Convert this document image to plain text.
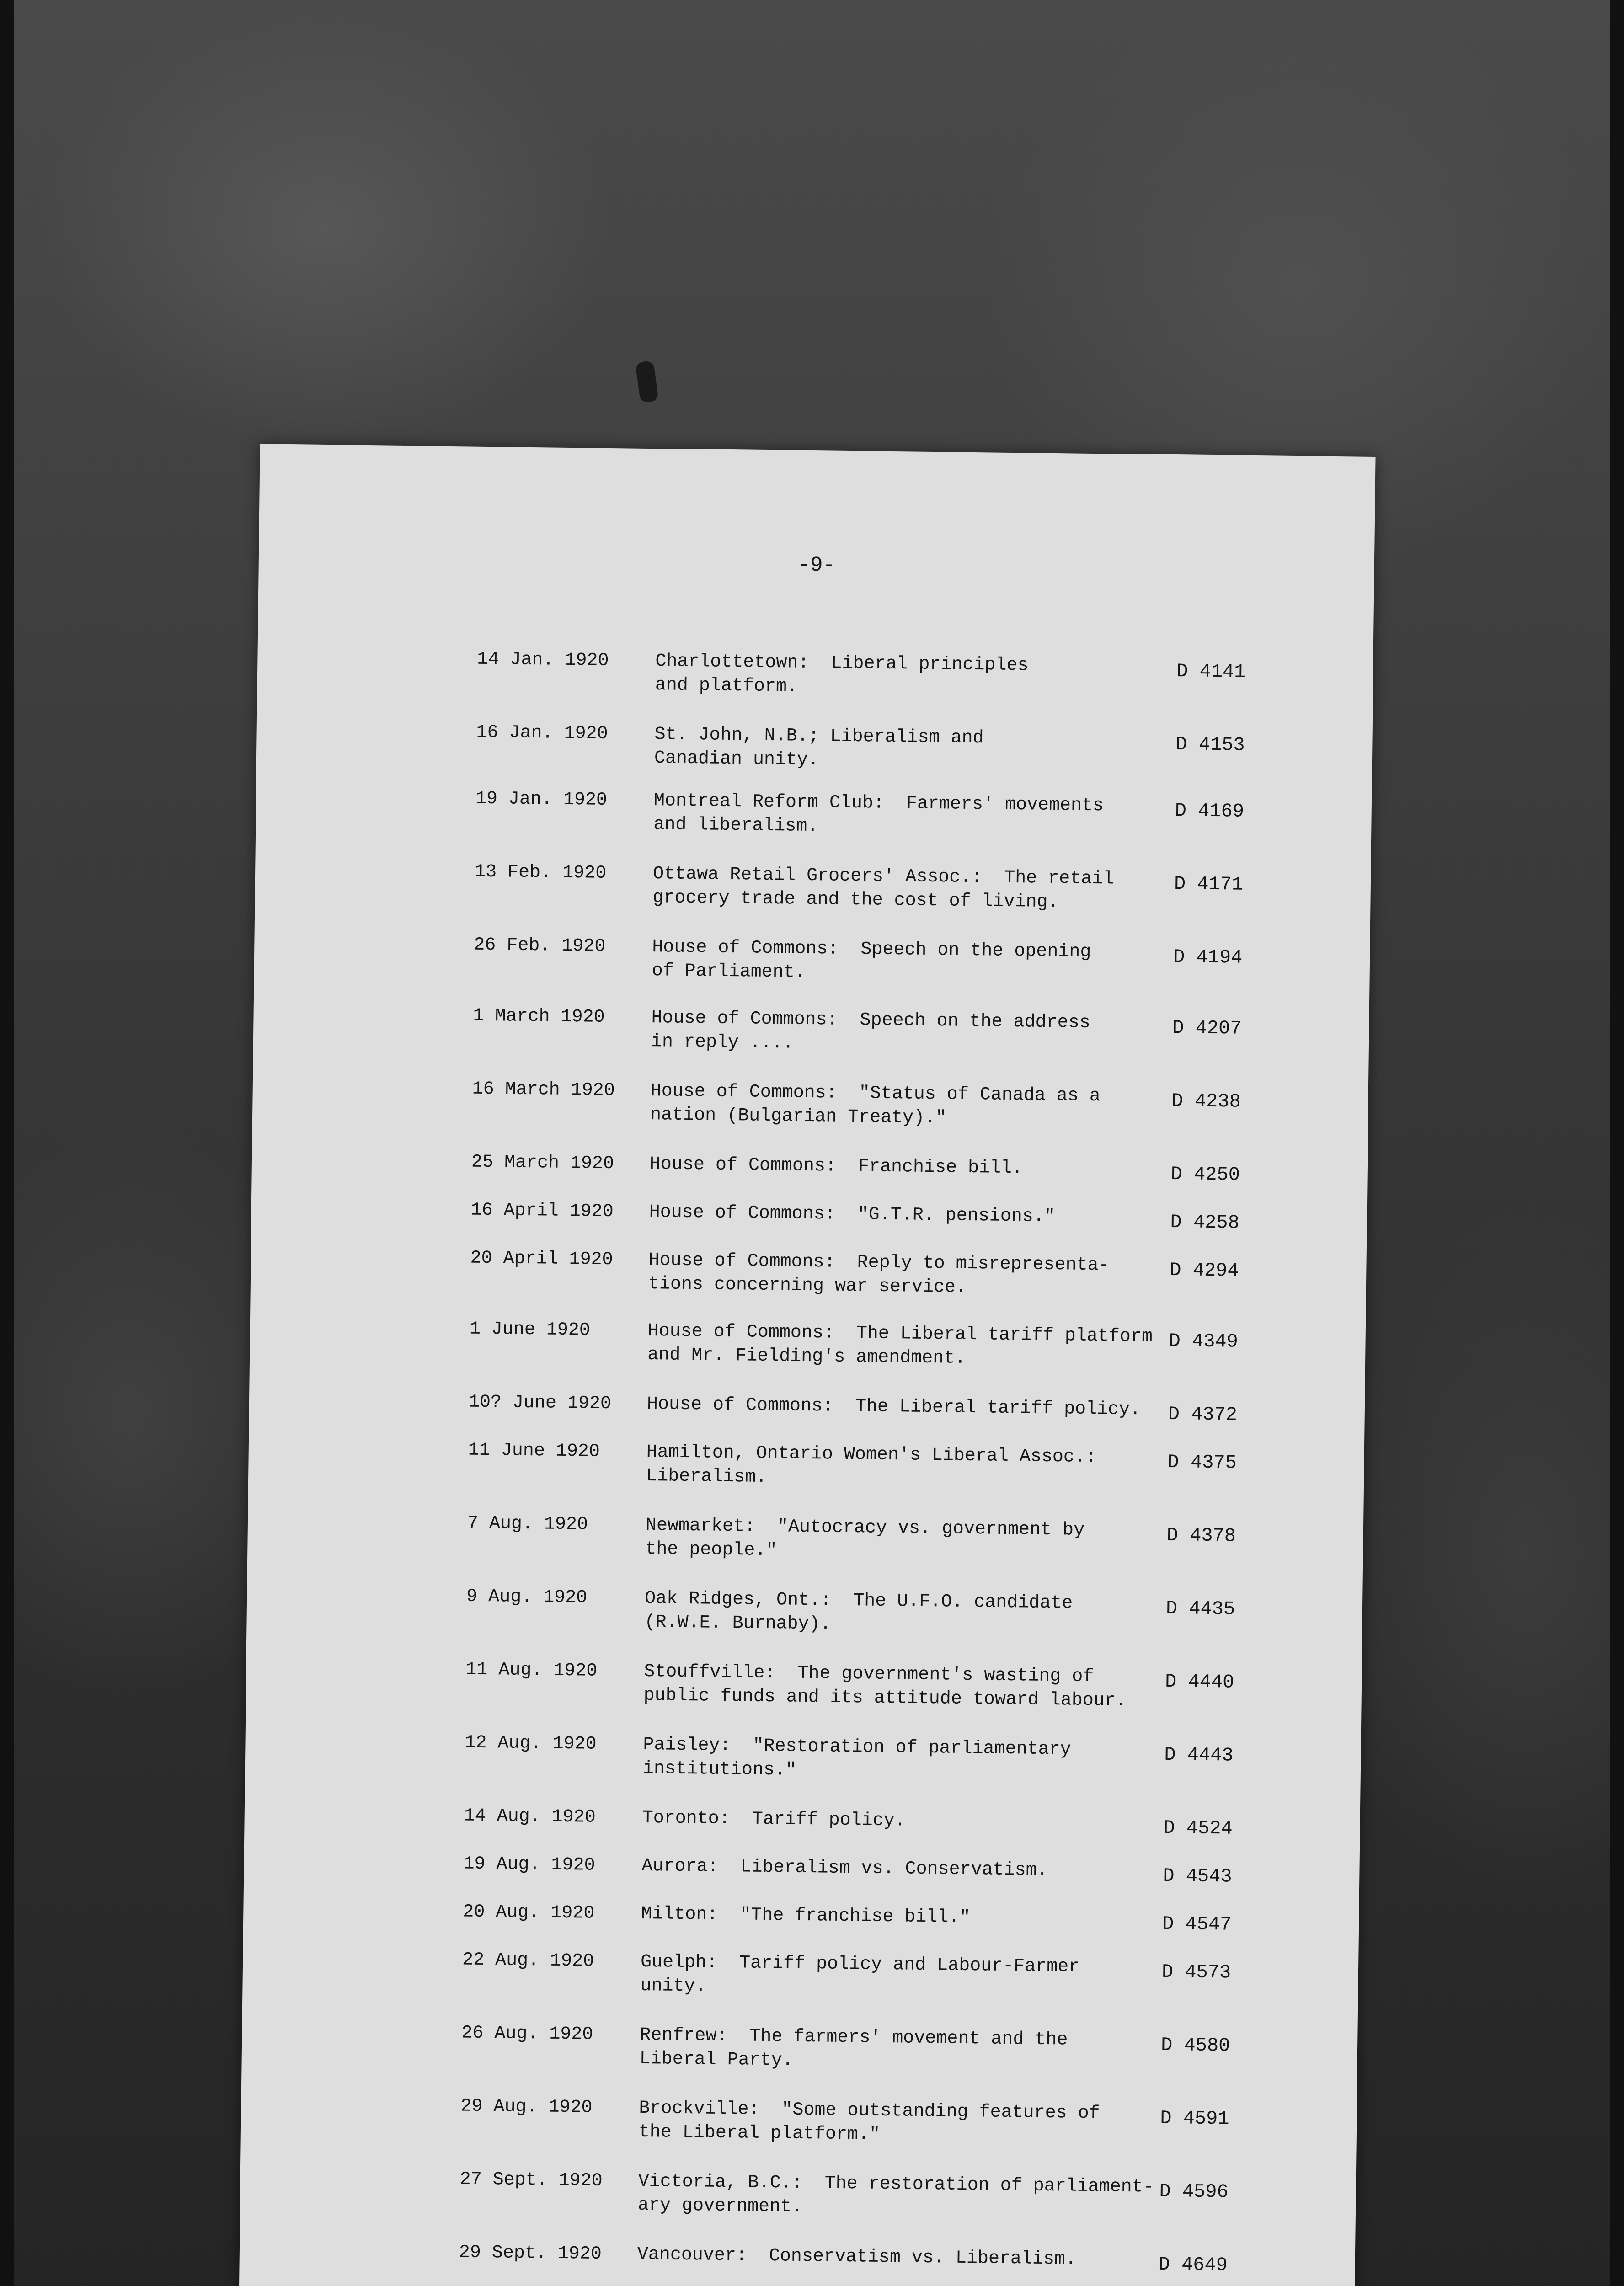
-9-
14 Jan. 1920	Charlottetown:  Liberal principles
and platform.
D 4141
16 Jan. 1920	St. John, N.B.; Liberalism and
Canadian unity.
D 4153
19 Jan. 1920	Montreal Reform Club:  Farmers' movements
and liberalism.
D 4169
13 Feb. 1920	Ottawa Retail Grocers' Assoc.:  The retail
grocery trade and the cost of living.
D 4171
26 Feb. 1920	House of Commons:  Speech on the opening
of Parliament.
D 4194
1 March 1920	House of Commons:  Speech on the address
in reply ....
D 4207
16 March 1920 House of Commons:  "Status of Canada as a
nation (Bulgarian Treaty)."
D 4238
25 March 1920 House of Commons:  Franchise bill.	D 4250
16 April 1920 House of Commons:  "G.T.R. pensions."	D 4258
20 April 1920 House of Commons:  Reply to misrepresenta-
tions concerning war service.
D 4294
1 June 1920	House of Commons:  The Liberal tariff platform
and Mr. Fielding's amendment.
D 4349
10? June 1920 House of Commons:  The Liberal tariff policy.	D 4372
11 June 1920	Hamilton, Ontario Women's Liberal Assoc.:
Liberalism.
D 4375
7 Aug. 1920	Newmarket:  "Autocracy vs. government by
the people."
D 4378
9 Aug. 1920	Oak Ridges, Ont.:  The U.F.O. candidate
(R.W.E. Burnaby).
D 4435
11 Aug. 1920	Stouffville:  The government's wasting of
public funds and its attitude toward labour.
D 4440
12 Aug. 1920	Paisley:  "Restoration of parliamentary
institutions."
D 4443
14 Aug. 1920	Toronto:  Tariff policy.	D 4524
19 Aug. 1920	Aurora:  Liberalism vs. Conservatism.	D 4543
20 Aug. 1920	Milton:  "The franchise bill."	D 4547
22 Aug. 1920	Guelph:  Tariff policy and Labour-Farmer
unity.
D 4573
26 Aug. 1920	Renfrew:  The farmers' movement and the
Liberal Party.
D 4580
29 Aug. 1920	Brockville:  "Some outstanding features of
the Liberal platform."
D 4591
27 Sept. 1920 Victoria, B.C.:  The restoration of parliament-
ary government.
D 4596
29 Sept. 1920 Vancouver:  Conservatism vs. Liberalism.	D 4649
